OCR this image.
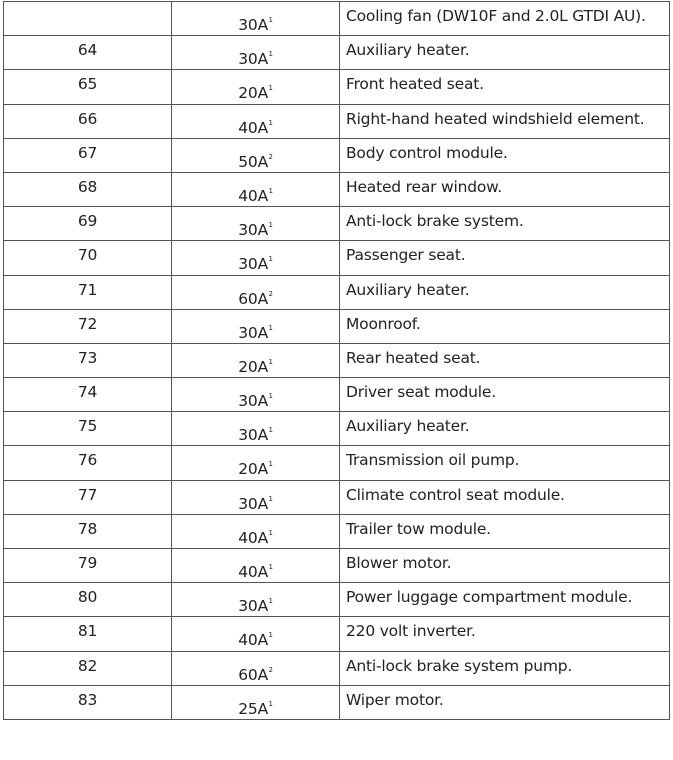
	$30A^1$	Cooling fan (DW10F and 2.0L GTDI AU).
64	$30A^1$	Auxiliary heater.
65	$20A^1$	Front heated seat.
66	$40A^1$	Right-hand heated windshield element.
67	$50A^2$	Body control module.
68	$40A^1$	Heated rear window.
69	$30A^1$	Anti-lock brake system.
70	$30A^1$	Passenger seat.
71	$60A^2$	Auxiliary heater.
72	$30A^1$	Moonroof.
73	$20A^1$	Rear heated seat.
74	$30A^1$	Driver seat module.
75	$30A^1$	Auxiliary heater.
76	$20A^1$	Transmission oil pump.
77	$30A^1$	Climate control seat module.
78	$40A^1$	Trailer tow module.
79	$40A^1$	Blower motor.
80	$30A^1$	Power luggage compartment module.
81	$40A^1$	220 volt inverter.
82	$60A^2$	Anti-lock brake system pump.
83	$25A^1$	Wiper motor.
